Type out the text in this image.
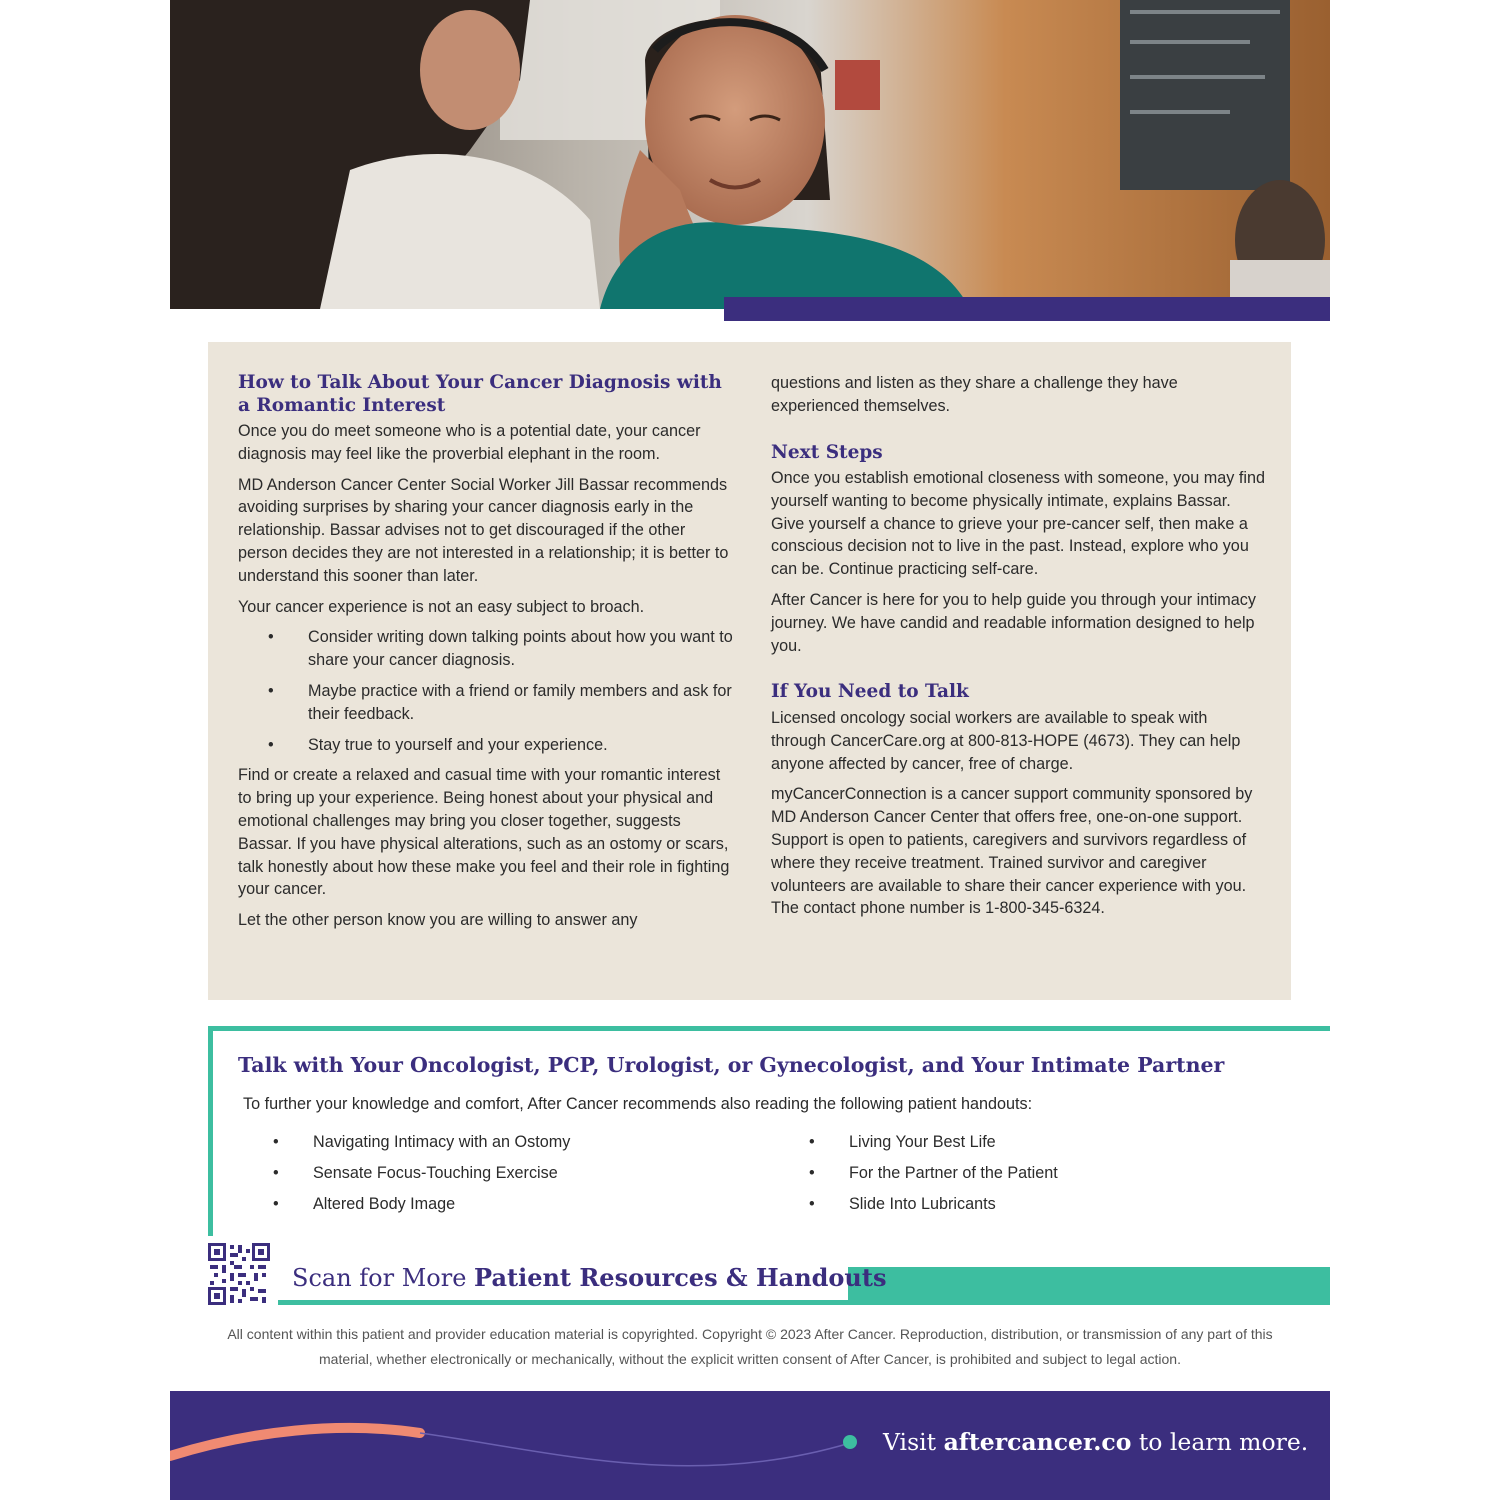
How to Talk About Your Cancer Diagnosis with a Romantic Interest

Once you do meet someone who is a potential date, your cancer diagnosis may feel like the proverbial elephant in the room.

MD Anderson Cancer Center Social Worker Jill Bassar recommends avoiding surprises by sharing your cancer diagnosis early in the relationship. Bassar advises not to get discouraged if the other person decides they are not interested in a relationship; it is better to understand this sooner than later.

Your cancer experience is not an easy subject to broach.

• Consider writing down talking points about how you want to share your cancer diagnosis.
• Maybe practice with a friend or family members and ask for their feedback.
• Stay true to yourself and your experience.

Find or create a relaxed and casual time with your romantic interest to bring up your experience. Being honest about your physical and emotional challenges may bring you closer together, suggests Bassar. If you have physical alterations, such as an ostomy or scars, talk honestly about how these make you feel and their role in fighting your cancer.

Let the other person know you are willing to answer any

questions and listen as they share a challenge they have experienced themselves.

Next Steps

Once you establish emotional closeness with someone, you may find yourself wanting to become physically intimate, explains Bassar. Give yourself a chance to grieve your pre-cancer self, then make a conscious decision not to live in the past. Instead, explore who you can be. Continue practicing self-care.

After Cancer is here for you to help guide you through your intimacy journey. We have candid and readable information designed to help you.

If You Need to Talk

Licensed oncology social workers are available to speak with through CancerCare.org at 800-813-HOPE (4673). They can help anyone affected by cancer, free of charge.

myCancerConnection is a cancer support community sponsored by MD Anderson Cancer Center that offers free, one-on-one support. Support is open to patients, caregivers and survivors regardless of where they receive treatment. Trained survivor and caregiver volunteers are available to share their cancer experience with you. The contact phone number is 1-800-345-6324.

Talk with Your Oncologist, PCP, Urologist, or Gynecologist, and Your Intimate Partner

To further your knowledge and comfort, After Cancer recommends also reading the following patient handouts:

• Navigating Intimacy with an Ostomy
• Sensate Focus-Touching Exercise
• Altered Body Image
• Living Your Best Life
• For the Partner of the Patient
• Slide Into Lubricants
Scan for More Patient Resources & Handouts

All content within this patient and provider education material is copyrighted. Copyright © 2023 After Cancer. Reproduction, distribution, or transmission of any part of this material, whether electronically or mechanically, without the explicit written consent of After Cancer, is prohibited and subject to legal action.

Visit aftercancer.co to learn more.
